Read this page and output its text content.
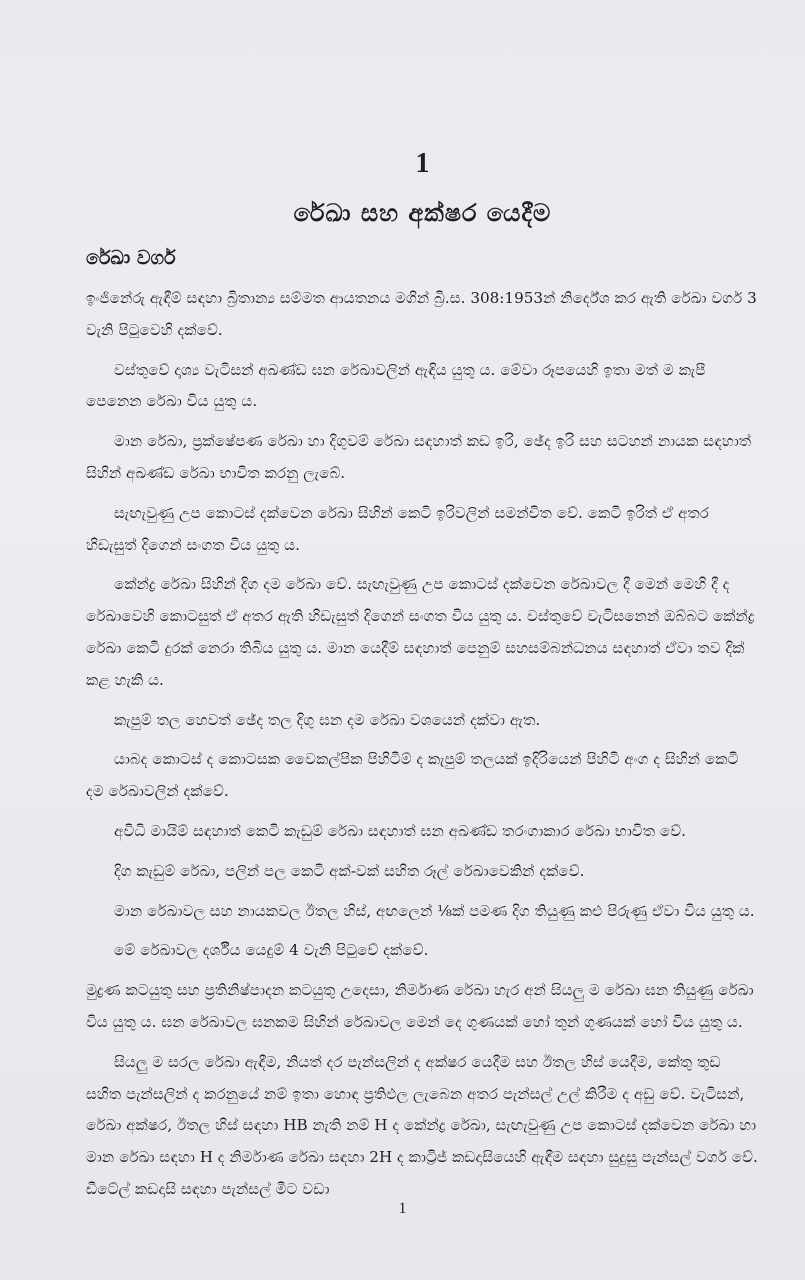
1
රේඛා සහ අක්ෂර යෙදීම
රේඛා වර්ග

ඉංජිනේරු ඇඳීම් සඳහා බ්‍රිතාන්‍ය සම්මත ආයතනය මගින් බ්‍රි.ස. 308:1953න් නිර්දේශ කර ඇති රේඛා වර්ග 3 වැනි පිටුවෙහි දක්වේ.

වස්තුවේ දෘශ්‍ය වැටිසන් අඛණ්ඩ ඝන රේඛාවලින් ඇඳිය යුතු ය. මේවා රූපයෙහි ඉතා මත් ම කැපී පෙනෙන රේඛා විය යුතු ය.

මාන රේඛා, ප්‍රක්ෂේපණ රේඛා හා දිගුවම් රේඛා සඳහාත් කඩ ඉරි, ඡේද ඉරි සහ සටහන් නායක සඳහාත් සිහින් අඛණ්ඩ රේඛා භාවිත කරනු ලැබේ.

සැඟැවුණු උප කොටස් දක්වෙන රේඛා සිහින් කෙටි ඉරිවලින් සමන්විත වේ. කෙටි ඉරිත් ඒ අතර හිඩැසුත් දිගෙන් සංගත විය යුතු ය.

කේන්ද්‍ර රේඛා සිහින් දිග දම රේඛා වේ. සැඟැවුණු උප කොටස් දක්වෙන රේඛාවල දී මෙන් මෙහි දී ද රේඛාවෙහි කොටසුත් ඒ අතර ඇති හිඩැසුත් දිගෙන් සංගත විය යුතු ය. වස්තුවේ වැටිසනෙන් ඔබ්බට කේන්ද්‍ර රේඛා කෙටි දුරක් නෙරා තිබිය යුතු ය. මාන යෙදීම් සඳහාත් පෙනුම් සහසම්බන්ධනය සඳහාත් ඒවා තව දික් කළ හැකි ය.

කැපුම් තල හෙවත් ඡේද තල දිගු ඝන දම රේඛා වශයෙන් දක්වා ඇත.

යාබද කොටස් ද කොටසක වෛකල්පික පිහිටීම් ද කැපුම් තලයක් ඉදිරියෙන් පිහිටි අංග ද සිහින් කෙටි දම රේඛාවලින් දක්වේ.

අවිධි මායිම් සඳහාත් කෙටි කැඩුම් රේඛා සඳහාත් ඝන අඛණ්ඩ තරංගාකාර රේඛා භාවිත වේ.

දිග කැඩුම් රේඛා, පලින් පල කෙටි අක්-වක් සහිත රූල් රේඛාවෙකින් දක්වේ.

මාන රේඛාවල සහ නායකවල ඊතල හිස්, අඟලෙන් ⅛ක් පමණ දිග තියුණු කළු පිරුණු ඒවා විය යුතු ය.

මේ රේඛාවල දර්ශීය යෙදුම් 4 වැනි පිටුවේ දක්වේ.

මුද්‍රණ කටයුතු සහ ප්‍රතිනිෂ්පාදන කටයුතු උදෙසා, නිර්මාණ රේඛා හැර අන් සියලු ම රේඛා ඝන තියුණු රේඛා විය යුතු ය. ඝන රේඛාවල ඝනකම සිහින් රේඛාවල මෙන් දෙ ගුණයක් හෝ තුන් ගුණයක් හෝ විය යුතු ය.

සියලු ම සරල රේඛා ඇඳීම, නියත් දර පැන්සලින් ද අක්ෂර යෙදීම සහ ඊතල හිස් යෙදීම, කේතු තුඩ සහිත පැන්සලින් ද කරනුයේ නම් ඉතා හොඳ ප්‍රතිඵල ලැබෙන අතර පැන්සල් උල් කිරීම ද අඩු වේ. වැටිසන්, රේඛා අක්ෂර, ඊතල හිස් සඳහා HB නැති නම් H ද කේන්ද්‍ර රේඛා, සැඟැවුණු උප කොටස් දක්වෙන රේඛා හා මාන රේඛා සඳහා H ද නිර්මාණ රේඛා සඳහා 2H ද කාට්‍රිජ් කඩදාසියෙහි ඇඳීම සඳහා සුදුසු පැන්සල් වර්ග වේ. ඩීටේල් කඩදාසි සඳහා පැන්සල් මීට වඩා

1
